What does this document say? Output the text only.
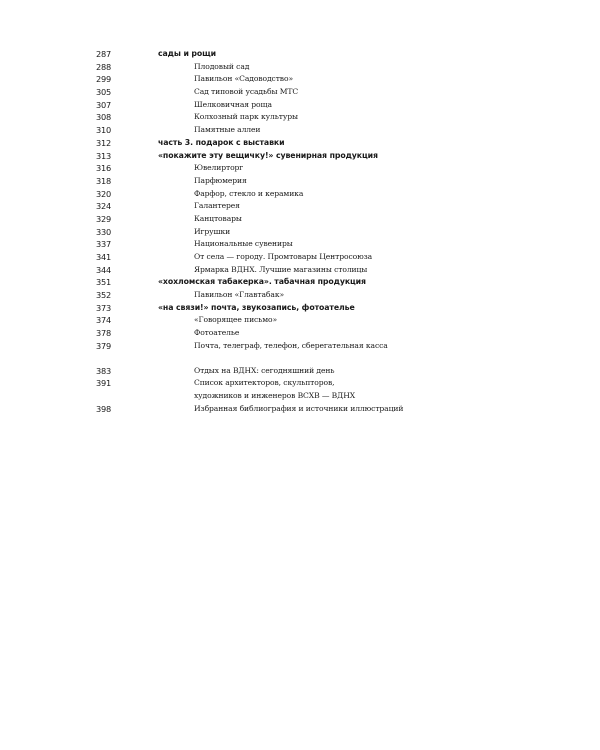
287	сады и рощи
288	Плодовый сад
299	Павильон «Садоводство»
305	Сад типовой усадьбы МТС
307	Шелковичная роща
308	Колхозный парк культуры
310	Памятные аллеи
312	часть 3. подарок с выставки
313	«покажите эту вещичку!» сувенирная продукция
316	Ювелирторг
318	Парфюмерия
320	Фарфор, стекло и керамика
324	Галантерея
329	Канцтовары
330	Игрушки
337	Национальные сувениры
341	От села — городу. Промтовары Центросоюза
344	Ярмарка ВДНХ. Лучшие магазины столицы
351	«хохломская табакерка». табачная продукция
352	Павильон «Главтабак»
373	«на связи!» почта, звукозапись, фотоателье
374	«Говорящее письмо»
378	Фотоателье
379	Почта, телеграф, телефон, сберегательная касса
383	Отдых на ВДНХ: сегодняшний день
391	Список архитекторов, скульпторов,
художников и инженеров ВСХВ — ВДНХ
398	Избранная библиография и источники иллюстраций
